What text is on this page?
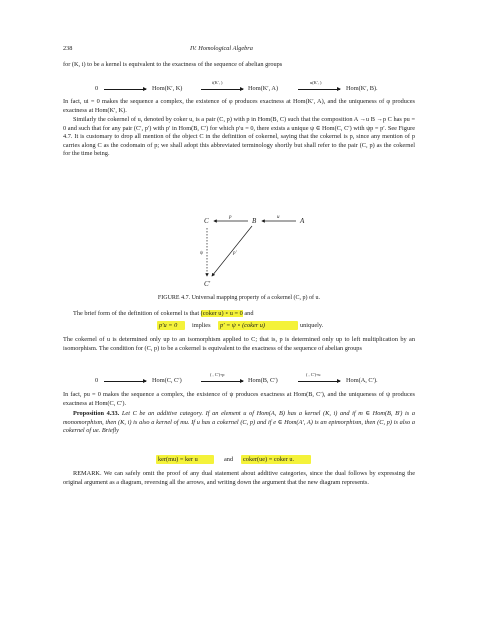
238	IV. Homological Algebra
for (K, i) to be a kernel is equivalent to the exactness of the sequence of abelian groups
0	Hom(K′, K)
i(K′, )
Hom(K′, A)
u(K′, )
Hom(K′, B).
In fact, ui = 0 makes the sequence a complex, the existence of φ produces exactness at Hom(K′, A), and the uniqueness of φ produces exactness at Hom(K′, K).
Similarly the cokernel of u, denoted by coker u, is a pair (C, p) with p in Hom(B, C) such that the composition A →u B →p C has pu = 0 and such that for any pair (C′, p′) with p′ in Hom(B, C′) for which p′u = 0, there exists a unique ψ ∈ Hom(C, C′) with ψp = p′. See Figure 4.7. It is customary to drop all mention of the object C in the definition of cokernel, saying that the cokernel is p, since any mention of p carries along C as the codomain of p; we shall adopt this abbreviated terminology shortly but shall refer to the pair (C, p) as the cokernel for the time being.
C	B	A
C′
p	u
ψ	p′
FIGURE 4.7. Universal mapping property of a cokernel (C, p) of u.
The brief form of the definition of cokernel is that (coker u) ∘ u = 0 and
p′u = 0 implies p′ = ψ ∘ (coker u)	uniquely.
The cokernel of u is determined only up to an isomorphism applied to C; that is, p is determined only up to left multiplication by an isomorphism. The condition for (C, p) to be a cokernel is equivalent to the exactness of the sequence of abelian groups
0	Hom(C, C′)
( , C′)∘p
Hom(B, C′)
( , C′)∘u
Hom(A, C′).
In fact, pu = 0 makes the sequence a complex, the existence of ψ produces exactness at Hom(B, C′), and the uniqueness of ψ produces exactness at Hom(C, C′).
Proposition 4.33. Let C be an additive category. If an element u of Hom(A, B) has a kernel (K, i) and if m ∈ Hom(B, B′) is a monomorphism, then (K, i) is also a kernel of mu. If u has a cokernel (C, p) and if e ∈ Hom(A′, A) is an epimorphism, then (C, p) is also a cokernel of ue. Briefly
ker(mu) = ker u	and coker(ue) = coker u.
REMARK. We can safely omit the proof of any dual statement about additive categories, since the dual follows by expressing the original argument as a diagram, reversing all the arrows, and writing down the argument that the new diagram represents.
